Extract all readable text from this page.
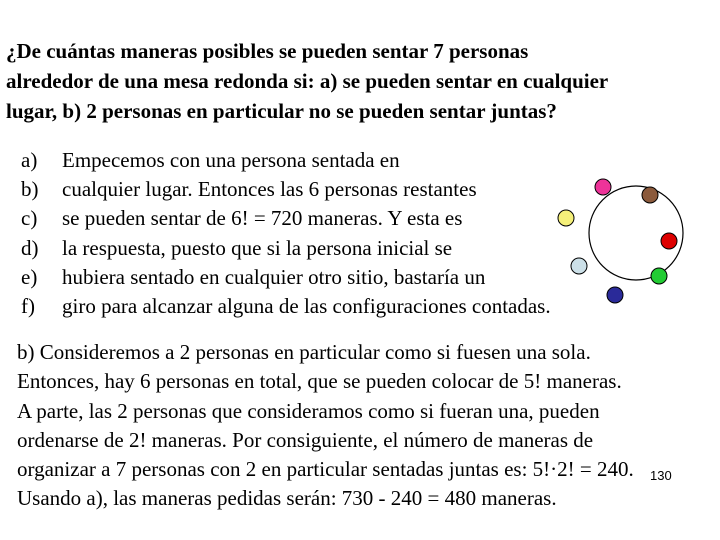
¿De cuántas maneras posibles se pueden sentar 7 personas
alrededor de una mesa redonda si: a) se pueden sentar en cualquier
lugar, b) 2 personas en particular no se pueden sentar juntas?
a)	Empecemos con una persona sentada en
b)	cualquier lugar. Entonces las 6 personas restantes
c)	se pueden sentar de 6! = 720 maneras. Y esta es
d)	la respuesta, puesto que si la persona inicial se
e)	hubiera sentado en cualquier otro sitio, bastaría un
f)	giro para alcanzar alguna de las configuraciones contadas.
b) Consideremos a 2 personas en particular como si fuesen una sola.
Entonces, hay 6 personas en total, que se pueden colocar de 5! maneras.
A parte, las 2 personas que consideramos como si fueran una, pueden
ordenarse de 2! maneras. Por consiguiente, el número de maneras de
organizar a 7 personas con 2 en particular sentadas juntas es: 5!·2! = 240.
Usando a), las maneras pedidas serán: 730 - 240 = 480 maneras.
130
